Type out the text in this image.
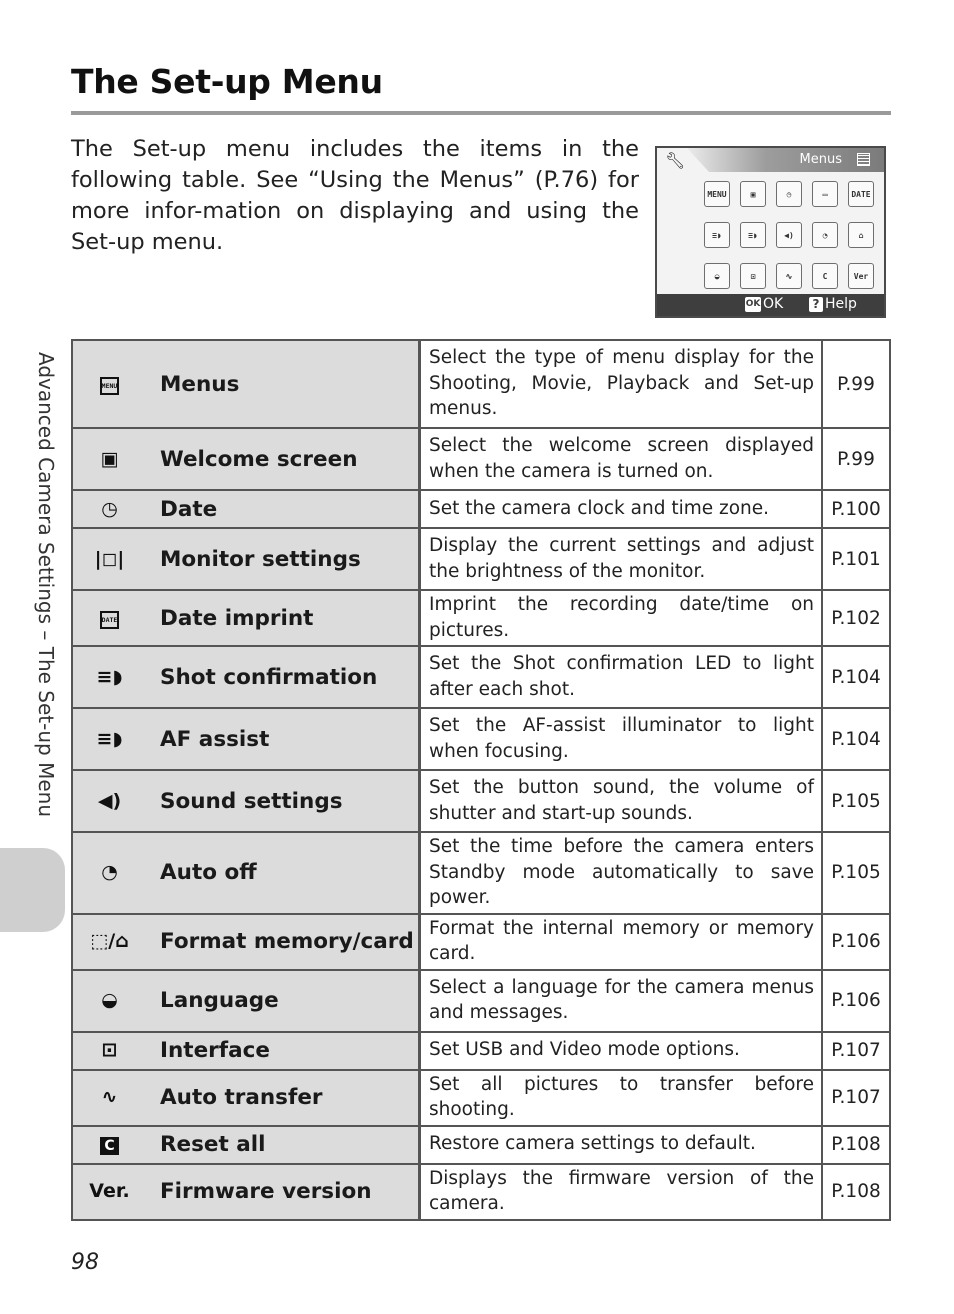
The Set-up Menu

The Set-up menu includes the items in the following table. See “Using the Menus” (P.76) for more infor-mation on displaying and using the Set-up menu.

🔧︎	Menus
MENU	▣	◷	▭	DATE
≡◗	≡◗	◀)	◔	⌂
◒	⊡	∿	C	Ver
OK OK ? Help
Advanced Camera Settings – The Set-up Menu	MENU	Menus	Select the type of menu display for the Shooting, Movie, Playback and Set-up menus.	P.99
▣	Welcome screen	Select the welcome screen displayed when the camera is turned on.	P.99
◷	Date	Set the camera clock and time zone.	P.100
|◻|	Monitor settings	Display the current settings and adjust the brightness of the monitor.	P.101
DATE	Date imprint	Imprint the recording date/time on pictures.	P.102
≡◗	Shot confirmation	Set the Shot confirmation LED to light after each shot.	P.104
≡◗	AF assist	Set the AF-assist illuminator to light when focusing.	P.104
◀)	Sound settings	Set the button sound, the volume of shutter and start-up sounds.	P.105
◔	Auto off	Set the time before the camera enters Standby mode automatically to save power.	P.105
⬚/⌂	Format memory/card	Format the internal memory or memory card.	P.106
◒	Language	Select a language for the camera menus and messages.	P.106
⊡	Interface	Set USB and Video mode options.	P.107
∿	Auto transfer	Set all pictures to transfer before shooting.	P.107
C	Reset all	Restore camera settings to default.	P.108
Ver.	Firmware version	Displays the firmware version of the camera.	P.108
98
